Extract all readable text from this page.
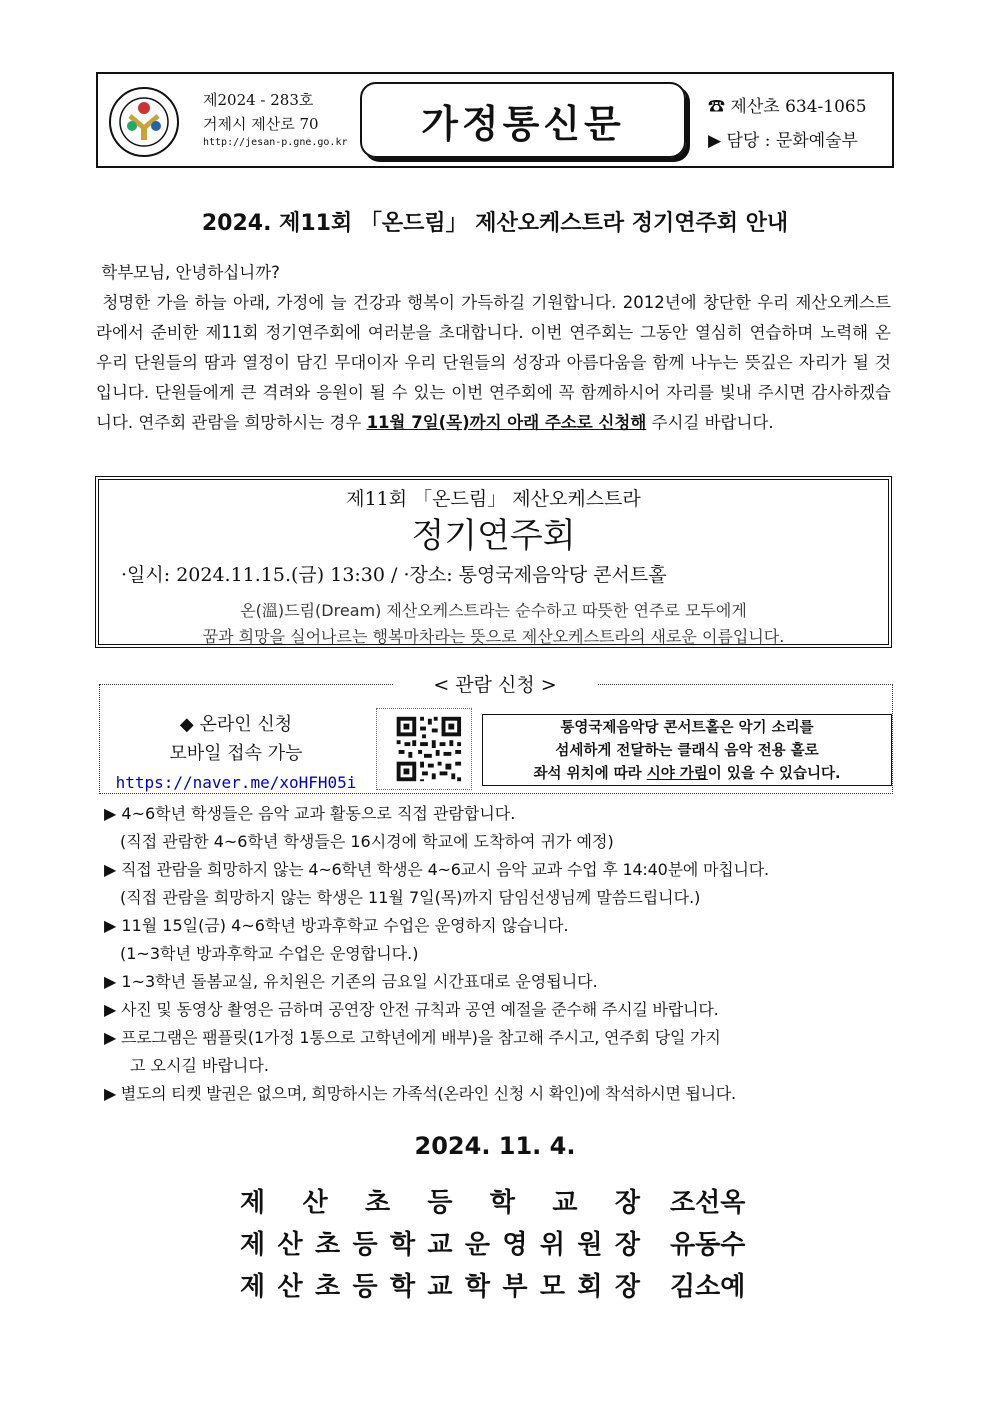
제2024 - 283호
거제시 제산로 70
http://jesan-p.gne.go.kr 가정통신문	☎ 제산초 634-1065
▶ 담당 : 문화예술부
2024. 제11회 「온드림」 제산오케스트라 정기연주회 안내

학부모님, 안녕하십니까?

청명한 가을 하늘 아래, 가정에 늘 건강과 행복이 가득하길 기원합니다. 2012년에 창단한 우리 제산오케스트라에서 준비한 제11회 정기연주회에 여러분을 초대합니다. 이번 연주회는 그동안 열심히 연습하며 노력해 온 우리 단원들의 땀과 열정이 담긴 무대이자 우리 단원들의 성장과 아름다움을 함께 나누는 뜻깊은 자리가 될 것입니다. 단원들에게 큰 격려와 응원이 될 수 있는 이번 연주회에 꼭 함께하시어 자리를 빛내 주시면 감사하겠습니다. 연주회 관람을 희망하시는 경우 11월 7일(목)까지 아래 주소로 신청해 주시길 바랍니다.

제11회 「온드림」 제산오케스트라
정기연주회
·일시: 2024.11.15.(금) 13:30 / ·장소: 통영국제음악당 콘서트홀
온(溫)드림(Dream) 제산오케스트라는 순수하고 따뜻한 연주로 모두에게
꿈과 희망을 실어나르는 행복마차라는 뜻으로 제산오케스트라의 새로운 이름입니다.
< 관람 신청 >
◆ 온라인 신청
모바일 접속 가능
https://naver.me/xoHFH05i
통영국제음악당 콘서트홀은 악기 소리를
섬세하게 전달하는 클래식 음악 전용 홀로
좌석 위치에 따라 시야 가림이 있을 수 있습니다.
▶ 4~6학년 학생들은 음악 교과 활동으로 직접 관람합니다.
(직접 관람한 4~6학년 학생들은 16시경에 학교에 도착하여 귀가 예정)
▶ 직접 관람을 희망하지 않는 4~6학년 학생은 4~6교시 음악 교과 수업 후 14:40분에 마칩니다.
(직접 관람을 희망하지 않는 학생은 11월 7일(목)까지 담임선생님께 말씀드립니다.)
▶ 11월 15일(금) 4~6학년 방과후학교 수업은 운영하지 않습니다.
(1~3학년 방과후학교 수업은 운영합니다.)
▶ 1~3학년 돌봄교실, 유치원은 기존의 금요일 시간표대로 운영됩니다.
▶ 사진 및 동영상 촬영은 금하며 공연장 안전 규칙과 공연 예절을 준수해 주시길 바랍니다.
▶ 프로그램은 팸플릿(1가정 1통으로 고학년에게 배부)을 참고해 주시고, 연주회 당일 가지
고 오시길 바랍니다.
▶ 별도의 티켓 발권은 없으며, 희망하시는 가족석(온라인 신청 시 확인)에 착석하시면 됩니다.
2024. 11. 4.
제 산 초 등 학 교 장 조선옥
제 산 초 등 학 교 운 영 위 원 장 유동수
제 산 초 등 학 교 학 부 모 회 장 김소예
